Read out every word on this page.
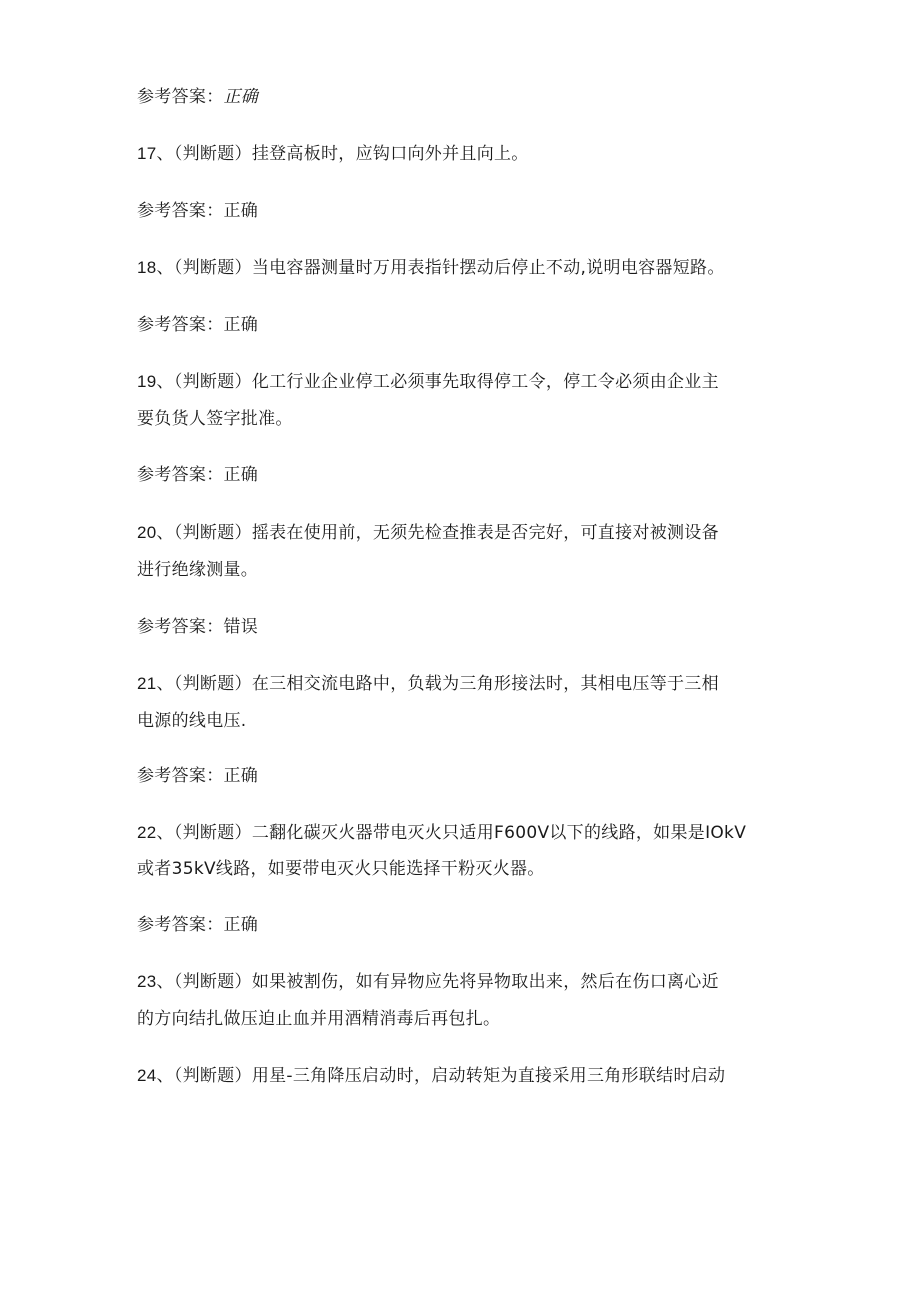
参考答案：正确
17、（判断题）挂登高板时，应钩口向外并且向上。
参考答案：正确
18、（判断题）当电容器测量时万用表指针摆动后停止不动,说明电容器短路。
参考答案：正确
19、（判断题）化工行业企业停工必须事先取得停工令，停工令必须由企业主
要负货人签字批准。
参考答案：正确
20、（判断题）摇表在使用前，无须先检查推表是否完好，可直接对被测设备
进行绝缘测量。
参考答案：错误
21、（判断题）在三相交流电路中，负载为三角形接法时，其相电压等于三相
电源的线电压.
参考答案：正确
22、（判断题）二翻化碳灭火器带电灭火只适用F600V以下的线路，如果是IOkV
或者35kV线路，如要带电灭火只能选择干粉灭火器。
参考答案：正确
23、（判断题）如果被割伤，如有异物应先将异物取出来，然后在伤口离心近
的方向结扎做压迫止血并用酒精消毒后再包扎。
24、（判断题）用星-三角降压启动时，启动转矩为直接采用三角形联结时启动
